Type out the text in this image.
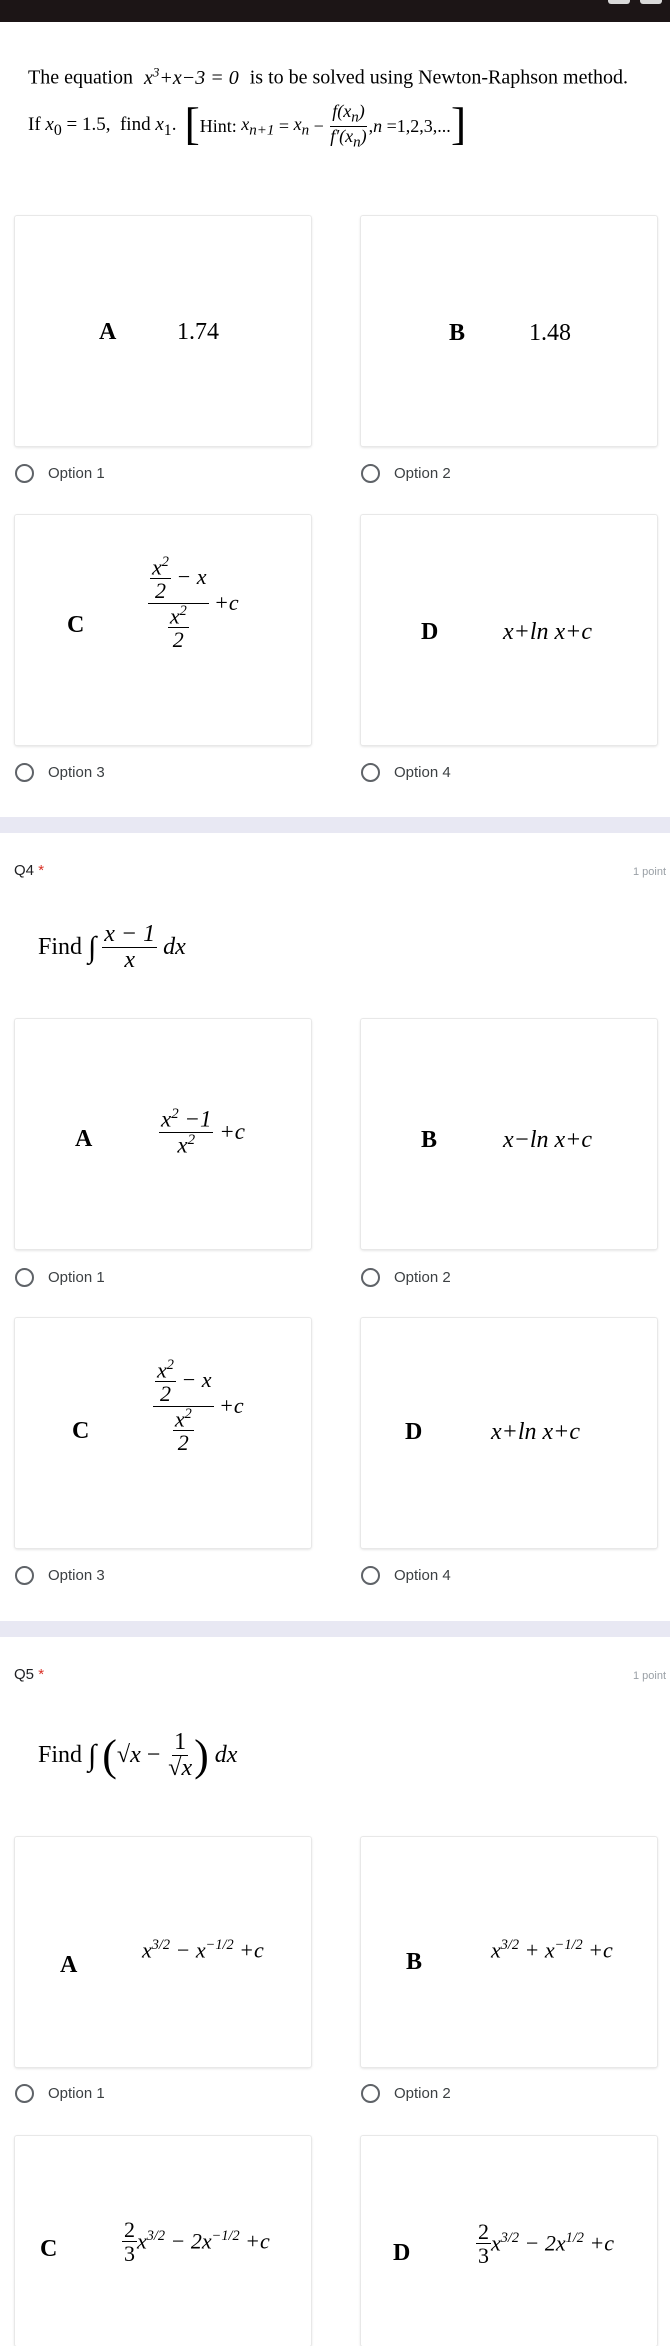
The equation $x^3+x-3 = 0$ is to be solved using Newton-Raphson method.
If $x_0 = 1.5$,  find $x_1$. [ Hint: $x_{n+1} = x_n - \frac{f(x_n)}{f'(x_n)}$ , n =1,2,3,... ]
A	1.74	B	1.48
Option 1	Option 2
C	$\frac{\frac{x^2}{2} - x}{\frac{x^2}{2}} +c$
D	x+ln x+c
Option 3	Option 4
Q4 *	1 point
Find ∫
$\frac{x - 1}{x}$ dx
A	$\frac{x^2 -1}{x^2} +c$	B	x−ln x+c
Option 1	Option 2
C	$\frac{\frac{x^2}{2} - x}{\frac{x^2}{2}} +c$
D	x+ln x+c
Option 3	Option 4
Q5 *	1 point
Find ∫
( $√x - \frac{1}{√x}$ ) dx
A
$x^{3/2} - x^{-1/2} +c$	B	$x^{3/2} + x^{-1/2} +c$
Option 1	Option 2
C	$\frac{2}{3} x^{3/2} - 2x^{-1/2} +c$	D	$\frac{2}{3} x^{3/2} - 2x^{1/2} +c$
